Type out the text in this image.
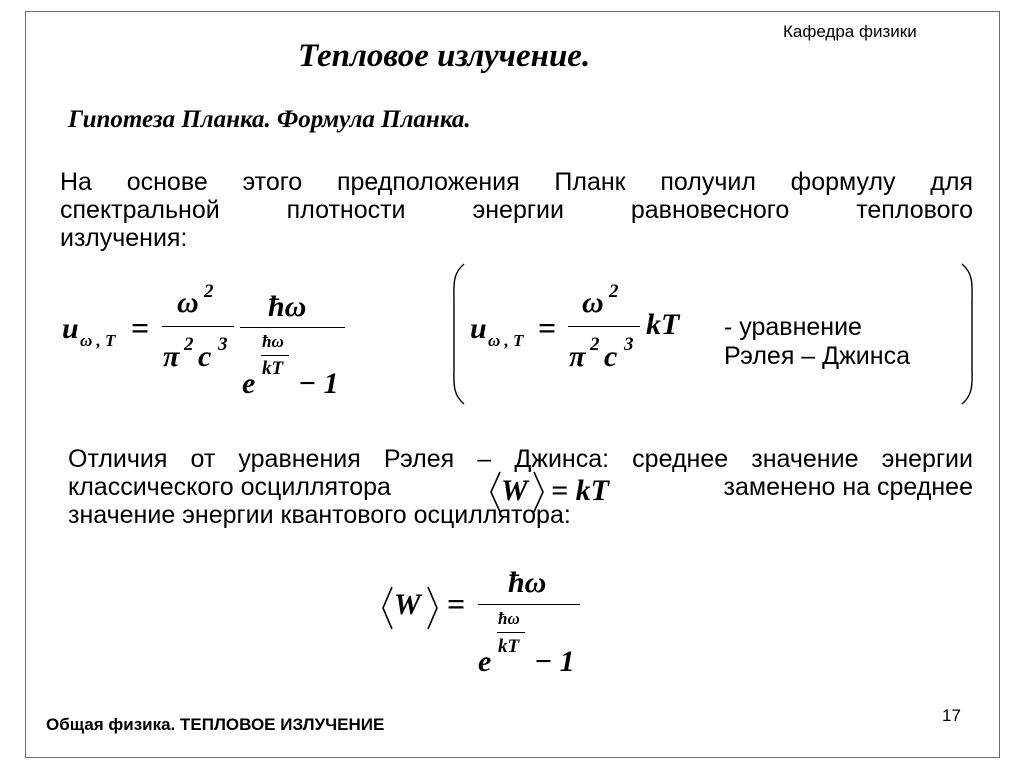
Кафедра физики
Тепловое излучение.
Гипотеза Планка. Формула Планка.
На основе этого предположения Планк получил формулу для
спектральной плотности энергии равновесного теплового
излучения:
u ω , T =
ω 2
π 2 c 3
ħω
ħω
e kT − 1
u ω , T =
ω 2
π 2 c 3
kT - уравнение
Рэлея – Джинса
Отличия от уравнения Рэлея – Джинса: среднее значение энергии
классического осциллятора	заменено на среднее
значение энергии квантового осциллятора:
W = kT
W =
ħω
ħω
e kT − 1
Общая физика. ТЕПЛОВОЕ ИЗЛУЧЕНИЕ	17
